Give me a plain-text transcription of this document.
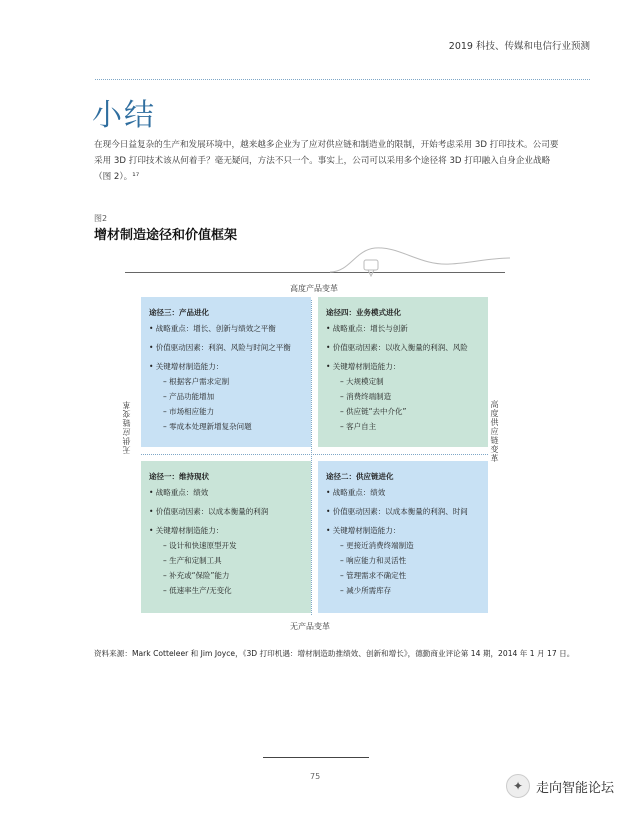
2019 科技、传媒和电信行业预测
小结
在现今日益复杂的生产和发展环境中，越来越多企业为了应对供应链和制造业的限制，开始考虑采用 3D 打印技术。公司要采用 3D 打印技术该从何着手？毫无疑问，方法不只一个。事实上，公司可以采用多个途径将 3D 打印融入自身企业战略（图 2）。¹⁷
图2
增材制造途径和价值框架
高度产品变革
无产品变革
无供应链变革	高度供应链变革
途径三：产品进化
• 战略重点：增长、创新与绩效之平衡
• 价值驱动因素：利润、风险与时间之平衡
• 关键增材制造能力：
– 根据客户需求定制
– 产品功能增加
– 市场相应能力
– 零成本处理新增复杂问题
途径四：业务模式进化
• 战略重点：增长与创新
• 价值驱动因素：以收入衡量的利润、风险
• 关键增材制造能力：
– 大规模定制
– 消费终端制造
– 供应链“去中介化”
– 客户自主
途径一：维持现状
• 战略重点：绩效
• 价值驱动因素：以成本衡量的利润
• 关键增材制造能力：
– 设计和快速原型开发
– 生产和定制工具
– 补充或“保险”能力
– 低速率生产/无变化
途径二：供应链进化
• 战略重点：绩效
• 价值驱动因素：以成本衡量的利润、时间
• 关键增材制造能力：
– 更接近消费终端制造
– 响应能力和灵活性
– 管理需求不确定性
– 减少所需库存
资料来源：Mark Cotteleer 和 Jim Joyce，《3D 打印机遇：增材制造助推绩效、创新和增长》，德勤商业评论第 14 期，2014 年 1 月 17 日。
75
✦ 走向智能论坛
